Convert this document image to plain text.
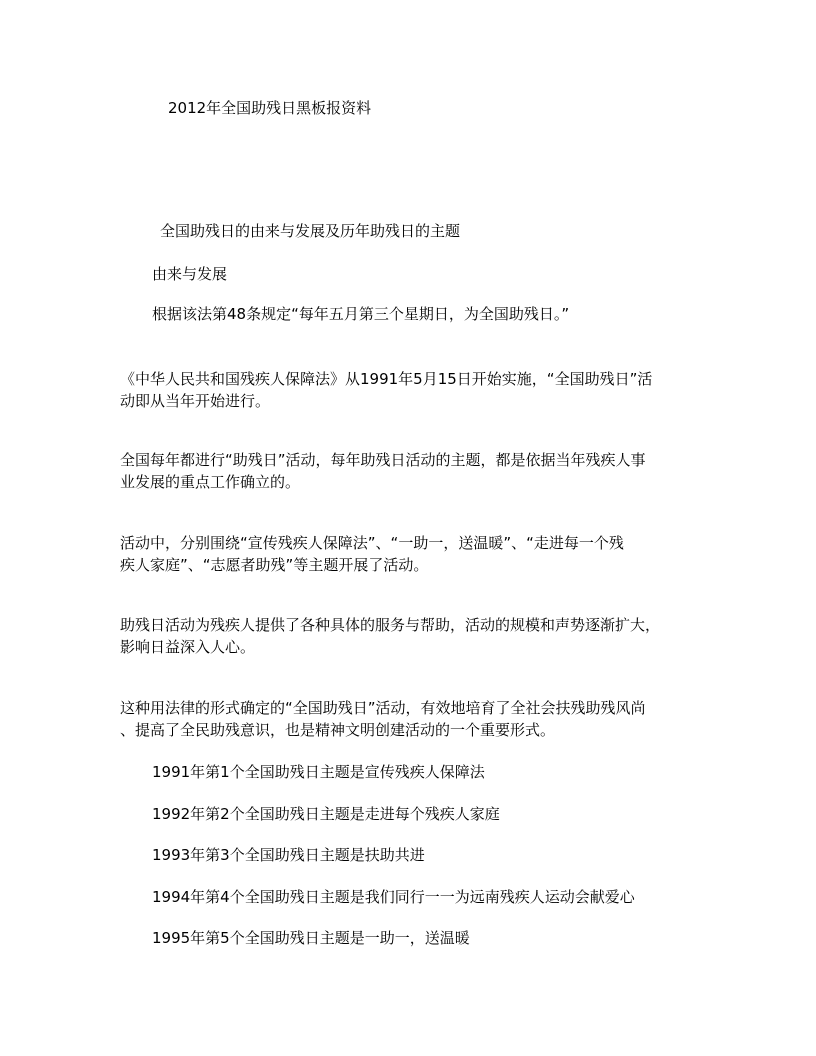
2012年全国助残日黑板报资料
全国助残日的由来与发展及历年助残日的主题
由来与发展
根据该法第48条规定“每年五月第三个星期日，为全国助残日。”
《中华人民共和国残疾人保障法》从1991年5月15日开始实施，“全国助残日”活
动即从当年开始进行。
全国每年都进行“助残日”活动，每年助残日活动的主题，都是依据当年残疾人事
业发展的重点工作确立的。
活动中，分别围绕“宣传残疾人保障法”、“一助一，送温暖”、“走进每一个残
疾人家庭”、“志愿者助残”等主题开展了活动。
助残日活动为残疾人提供了各种具体的服务与帮助，活动的规模和声势逐渐扩大，
影响日益深入人心。
这种用法律的形式确定的“全国助残日”活动，有效地培育了全社会扶残助残风尚
、提高了全民助残意识，也是精神文明创建活动的一个重要形式。
1991年第1个全国助残日主题是宣传残疾人保障法
1992年第2个全国助残日主题是走进每个残疾人家庭
1993年第3个全国助残日主题是扶助共进
1994年第4个全国助残日主题是我们同行一一为远南残疾人运动会献爱心
1995年第5个全国助残日主题是一助一，送温暖
